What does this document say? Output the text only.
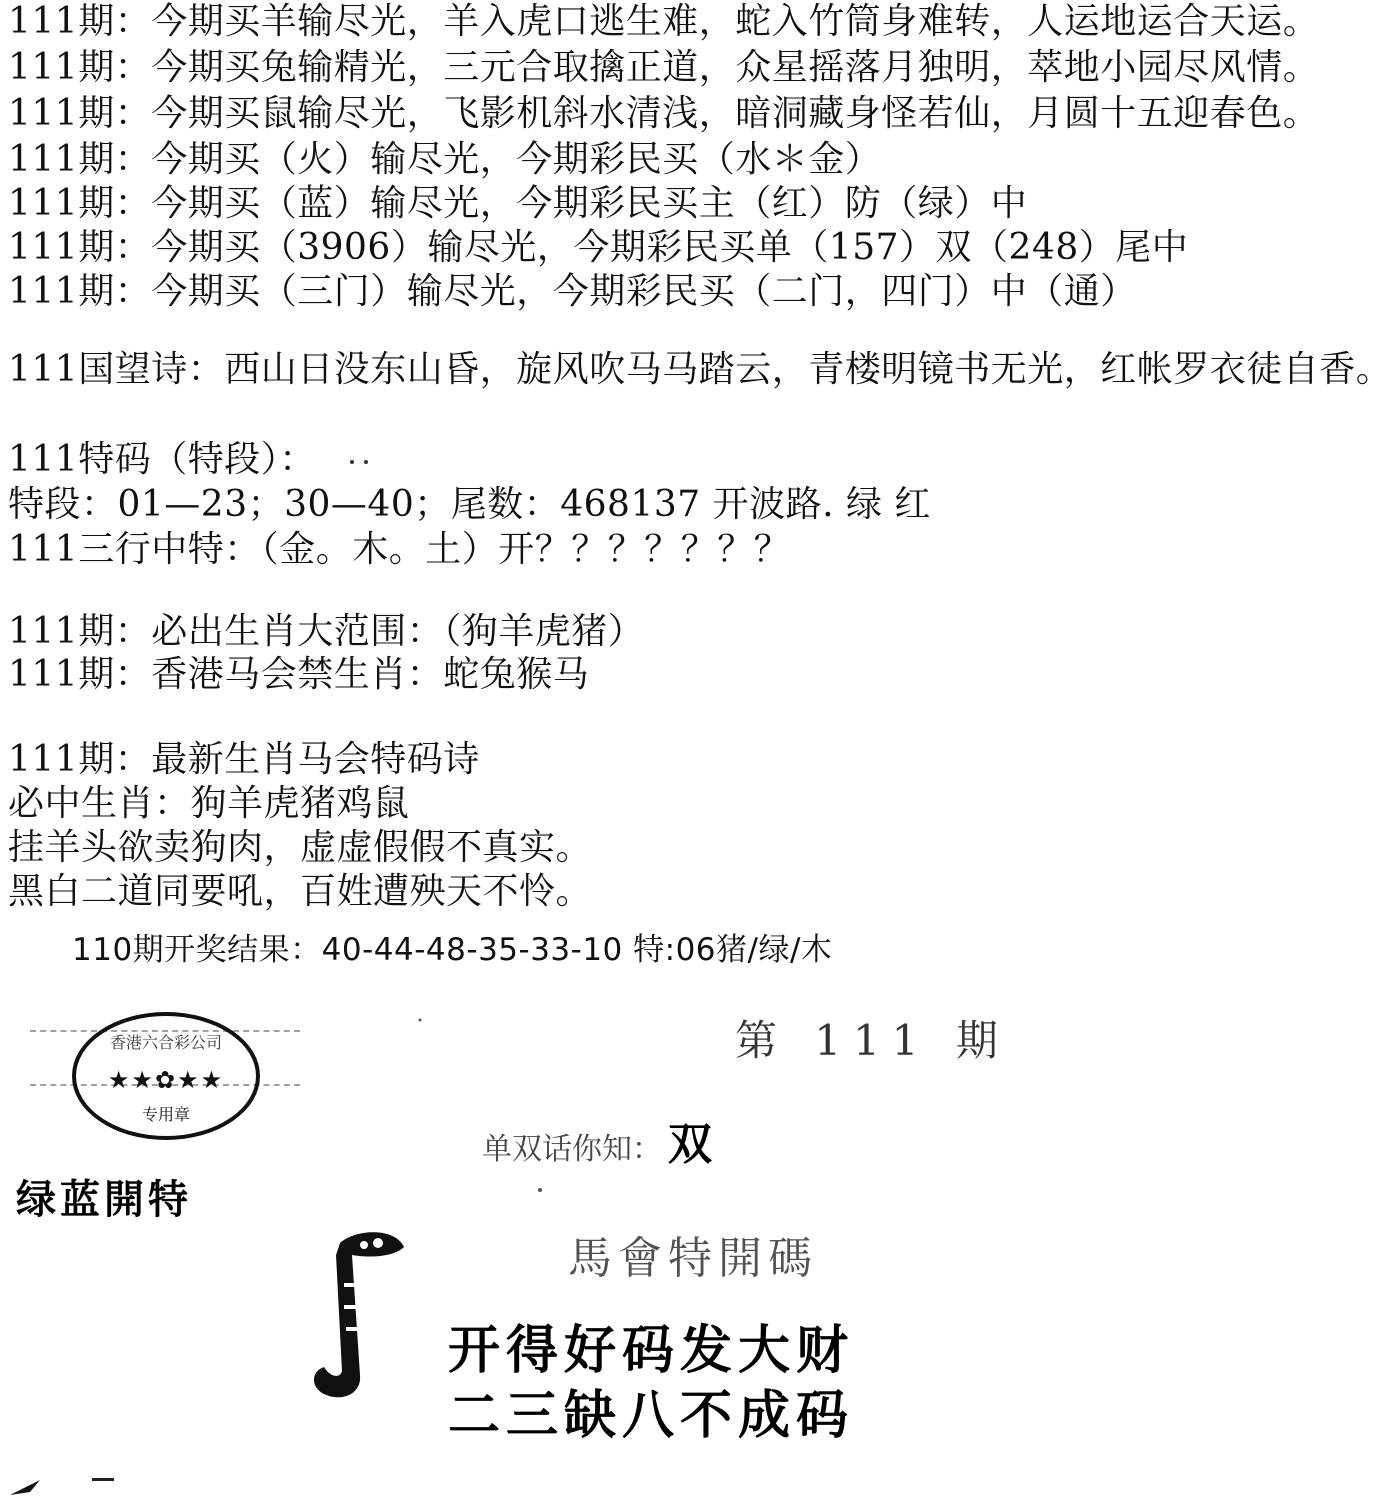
111期：今期买羊输尽光，羊入虎口逃生难，蛇入竹筒身难转，人运地运合天运。
111期：今期买兔输精光，三元合取擒正道，众星摇落月独明，萃地小园尽风情。
111期：今期买鼠输尽光，飞影机斜水清浅，暗洞藏身怪若仙，月圆十五迎春色。
111期：今期买（火）输尽光，今期彩民买（水＊金）
111期：今期买（蓝）输尽光，今期彩民买主（红）防（绿）中
111期：今期买（3906）输尽光，今期彩民买单（157）双（248）尾中
111期：今期买（三门）输尽光，今期彩民买（二门，四门）中（通）
111国望诗：西山日没东山昏，旋风吹马马踏云，青楼明镜书无光，红帐罗衣徒自香。
111特码（特段）：
特段：01—23；30—40；尾数：468137 开波路. 绿 红
111三行中特：（金。木。土）开？？？？？？？
111期：必出生肖大范围：（狗羊虎猪）
111期：香港马会禁生肖：蛇兔猴马
111期：最新生肖马会特码诗
必中生肖：狗羊虎猪鸡鼠
挂羊头欲卖狗肉，虚虚假假不真实。
黑白二道同要吼，百姓遭殃天不怜。
110期开奖结果：40-44-48-35-33-10 特:06猪/绿/木
香港六合彩公司
★★✿★★
专用章
第 111 期
单双话你知： 双
绿蓝開特
馬會特開碼
开得好码发大财
二三缺八不成码
